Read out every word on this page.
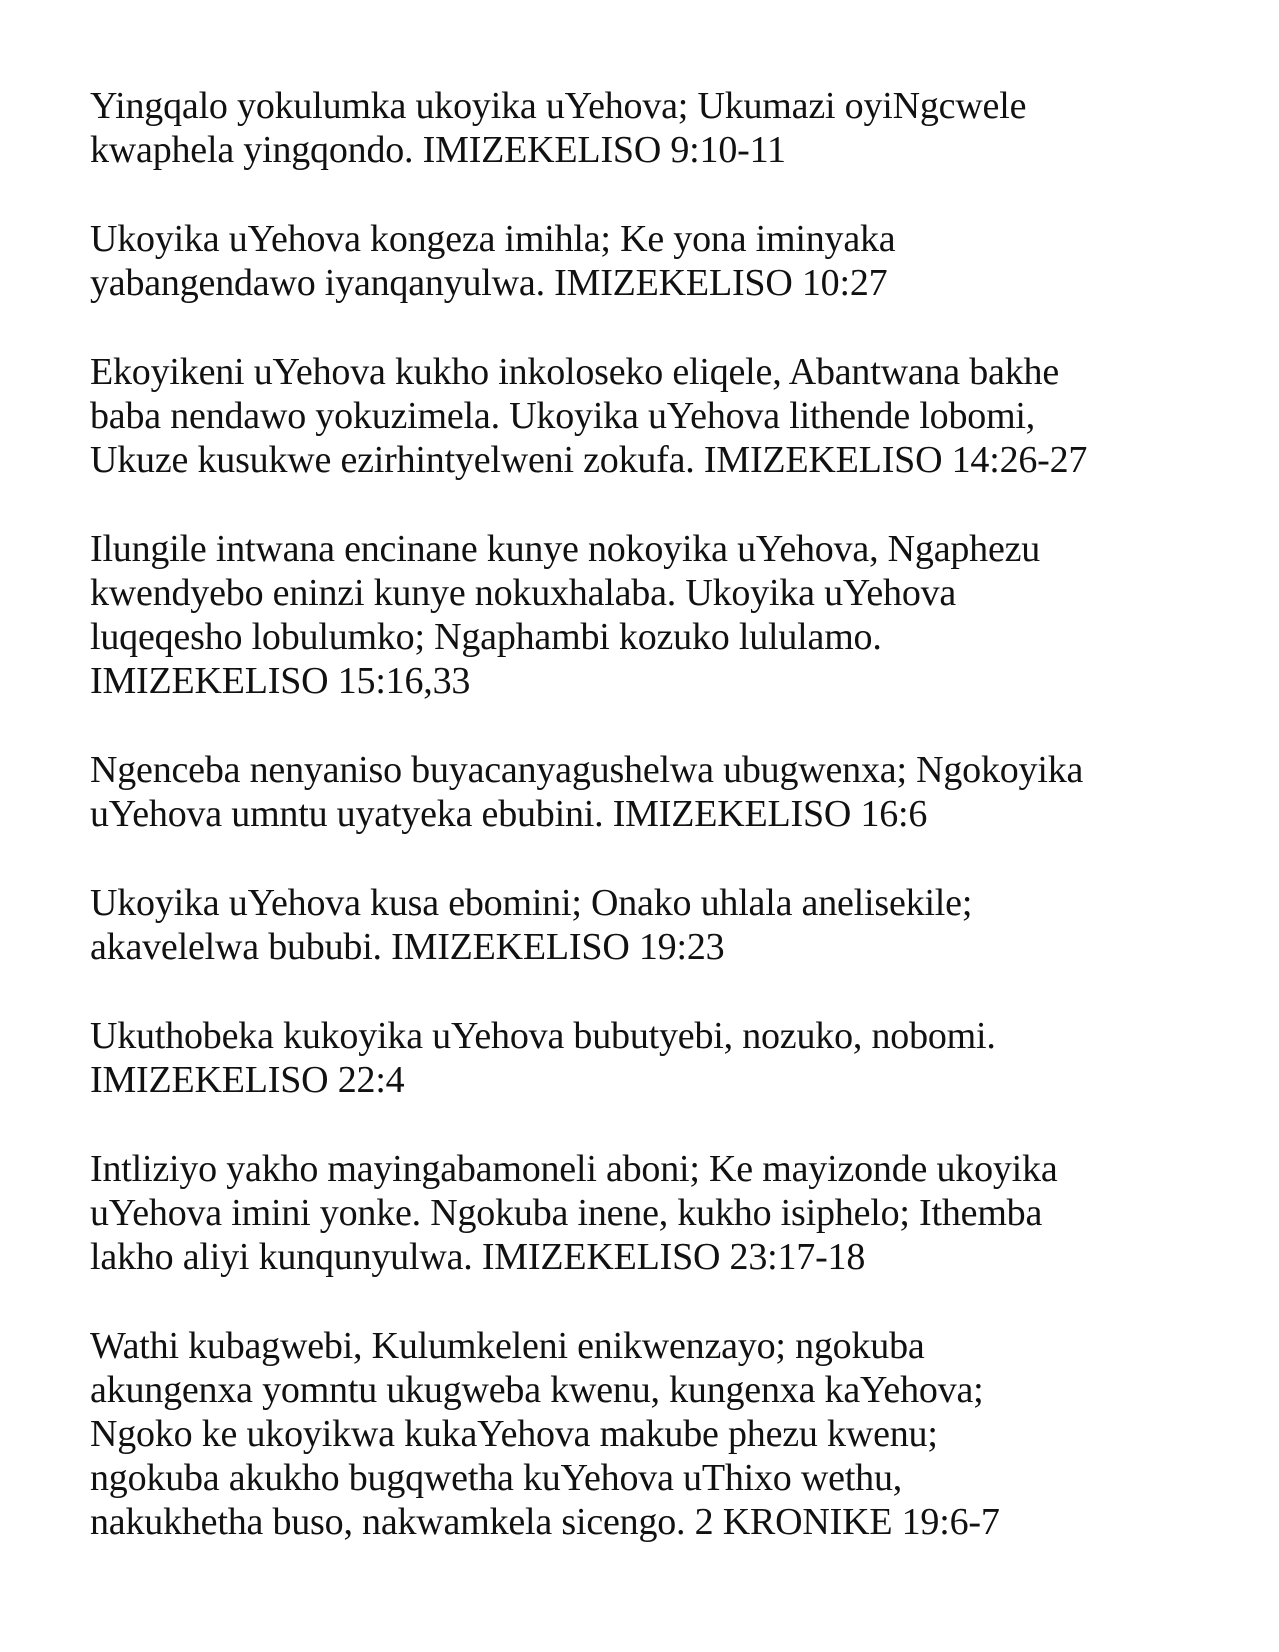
Yingqalo yokulumka ukoyika uYehova; Ukumazi oyiNgcwele
kwaphela yingqondo. IMIZEKELISO 9:10-11
Ukoyika uYehova kongeza imihla; Ke yona iminyaka
yabangendawo iyanqanyulwa. IMIZEKELISO 10:27
Ekoyikeni uYehova kukho inkoloseko eliqele, Abantwana bakhe
baba nendawo yokuzimela. Ukoyika uYehova lithende lobomi,
Ukuze kusukwe ezirhintyelweni zokufa. IMIZEKELISO 14:26-27
Ilungile intwana encinane kunye nokoyika uYehova, Ngaphezu
kwendyebo eninzi kunye nokuxhalaba. Ukoyika uYehova
luqeqesho lobulumko; Ngaphambi kozuko lululamo.
IMIZEKELISO 15:16,33
Ngenceba nenyaniso buyacanyagushelwa ubugwenxa; Ngokoyika
uYehova umntu uyatyeka ebubini. IMIZEKELISO 16:6
Ukoyika uYehova kusa ebomini; Onako uhlala anelisekile;
akavelelwa bububi. IMIZEKELISO 19:23
Ukuthobeka kukoyika uYehova bubutyebi, nozuko, nobomi.
IMIZEKELISO 22:4
Intliziyo yakho mayingabamoneli aboni; Ke mayizonde ukoyika
uYehova imini yonke. Ngokuba inene, kukho isiphelo; Ithemba
lakho aliyi kunqunyulwa. IMIZEKELISO 23:17-18
Wathi kubagwebi, Kulumkeleni enikwenzayo; ngokuba
akungenxa yomntu ukugweba kwenu, kungenxa kaYehova;
Ngoko ke ukoyikwa kukaYehova makube phezu kwenu;
ngokuba akukho bugqwetha kuYehova uThixo wethu,
nakukhetha buso, nakwamkela sicengo. 2 KRONIKE 19:6-7
